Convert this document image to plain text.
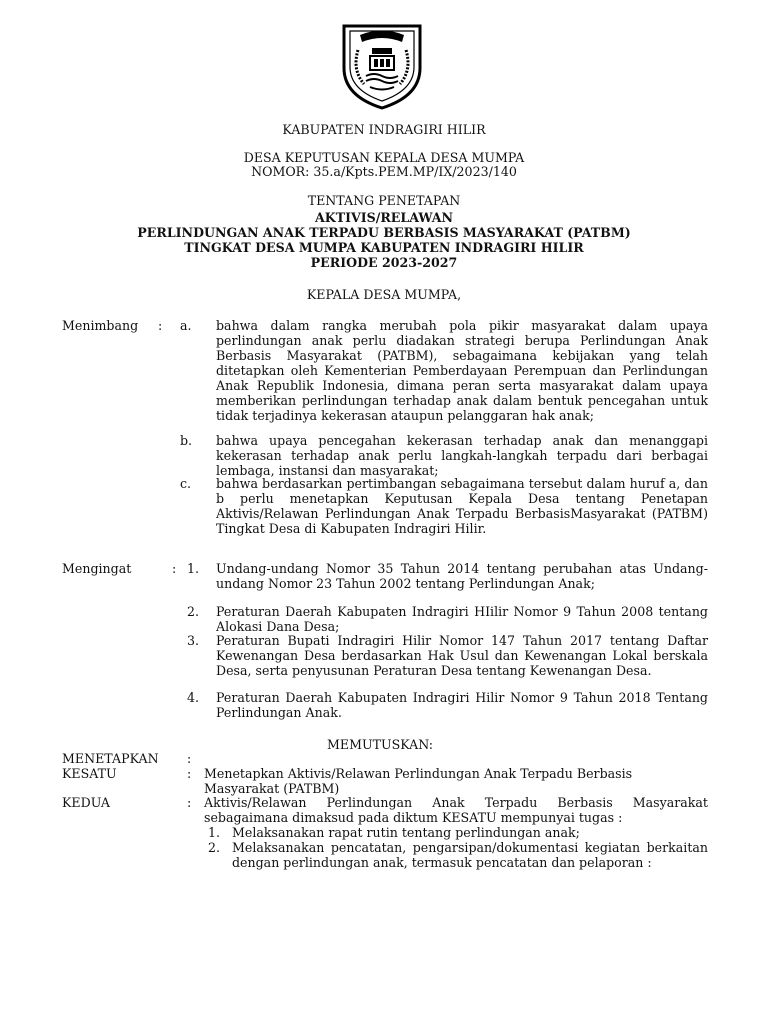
KABUPATEN INDRAGIRI HILIR
DESA KEPUTUSAN KEPALA DESA MUMPA
NOMOR: 35.a/Kpts.PEM.MP/IX/2023/140
TENTANG PENETAPAN
AKTIVIS/RELAWAN
PERLINDUNGAN ANAK TERPADU BERBASIS MASYARAKAT (PATBM)
TINGKAT DESA MUMPA KABUPATEN INDRAGIRI HILIR
PERIODE 2023-2027
KEPALA DESA MUMPA,
Menimbang : a. bahwa dalam rangka merubah pola pikir masyarakat dalam upaya perlindungan anak perlu diadakan strategi berupa Perlindungan Anak Berbasis Masyarakat (PATBM), sebagaimana kebijakan yang telah ditetapkan oleh Kementerian Pemberdayaan Perempuan dan Perlindungan Anak Republik Indonesia, dimana peran serta masyarakat dalam upaya memberikan perlindungan terhadap anak dalam bentuk pencegahan untuk tidak terjadinya kekerasan ataupun pelanggaran hak anak;
b. bahwa upaya pencegahan kekerasan terhadap anak dan menanggapi kekerasan terhadap anak perlu langkah-langkah terpadu dari berbagai lembaga, instansi dan masyarakat;
c. bahwa berdasarkan pertimbangan sebagaimana tersebut dalam huruf a, dan b perlu menetapkan Keputusan Kepala Desa tentang Penetapan Aktivis/Relawan Perlindungan Anak Terpadu BerbasisMasyarakat (PATBM) Tingkat Desa di Kabupaten Indragiri Hilir.
Mengingat	: 1. Undang-undang Nomor 35 Tahun 2014 tentang perubahan atas Undang-undang Nomor 23 Tahun 2002 tentang Perlindungan Anak;
2. Peraturan Daerah Kabupaten Indragiri HIilir Nomor 9 Tahun 2008 tentang Alokasi Dana Desa;
3. Peraturan Bupati Indragiri Hilir Nomor 147 Tahun 2017 tentang Daftar Kewenangan Desa berdasarkan Hak Usul dan Kewenangan Lokal berskala Desa, serta penyusunan Peraturan Desa tentang Kewenangan Desa.
4. Peraturan Daerah Kabupaten Indragiri Hilir Nomor 9 Tahun 2018 Tentang Perlindungan Anak.
MEMUTUSKAN:
MENETAPKAN :
KESATU	: Menetapkan Aktivis/Relawan Perlindungan Anak Terpadu Berbasis Masyarakat (PATBM)
KEDUA	: Aktivis/Relawan Perlindungan Anak Terpadu Berbasis Masyarakat sebagaimana dimaksud pada diktum KESATU mempunyai tugas :
1. Melaksanakan rapat rutin tentang perlindungan anak;
2. Melaksanakan pencatatan, pengarsipan/dokumentasi kegiatan berkaitan dengan perlindungan anak, termasuk pencatatan dan pelaporan :
